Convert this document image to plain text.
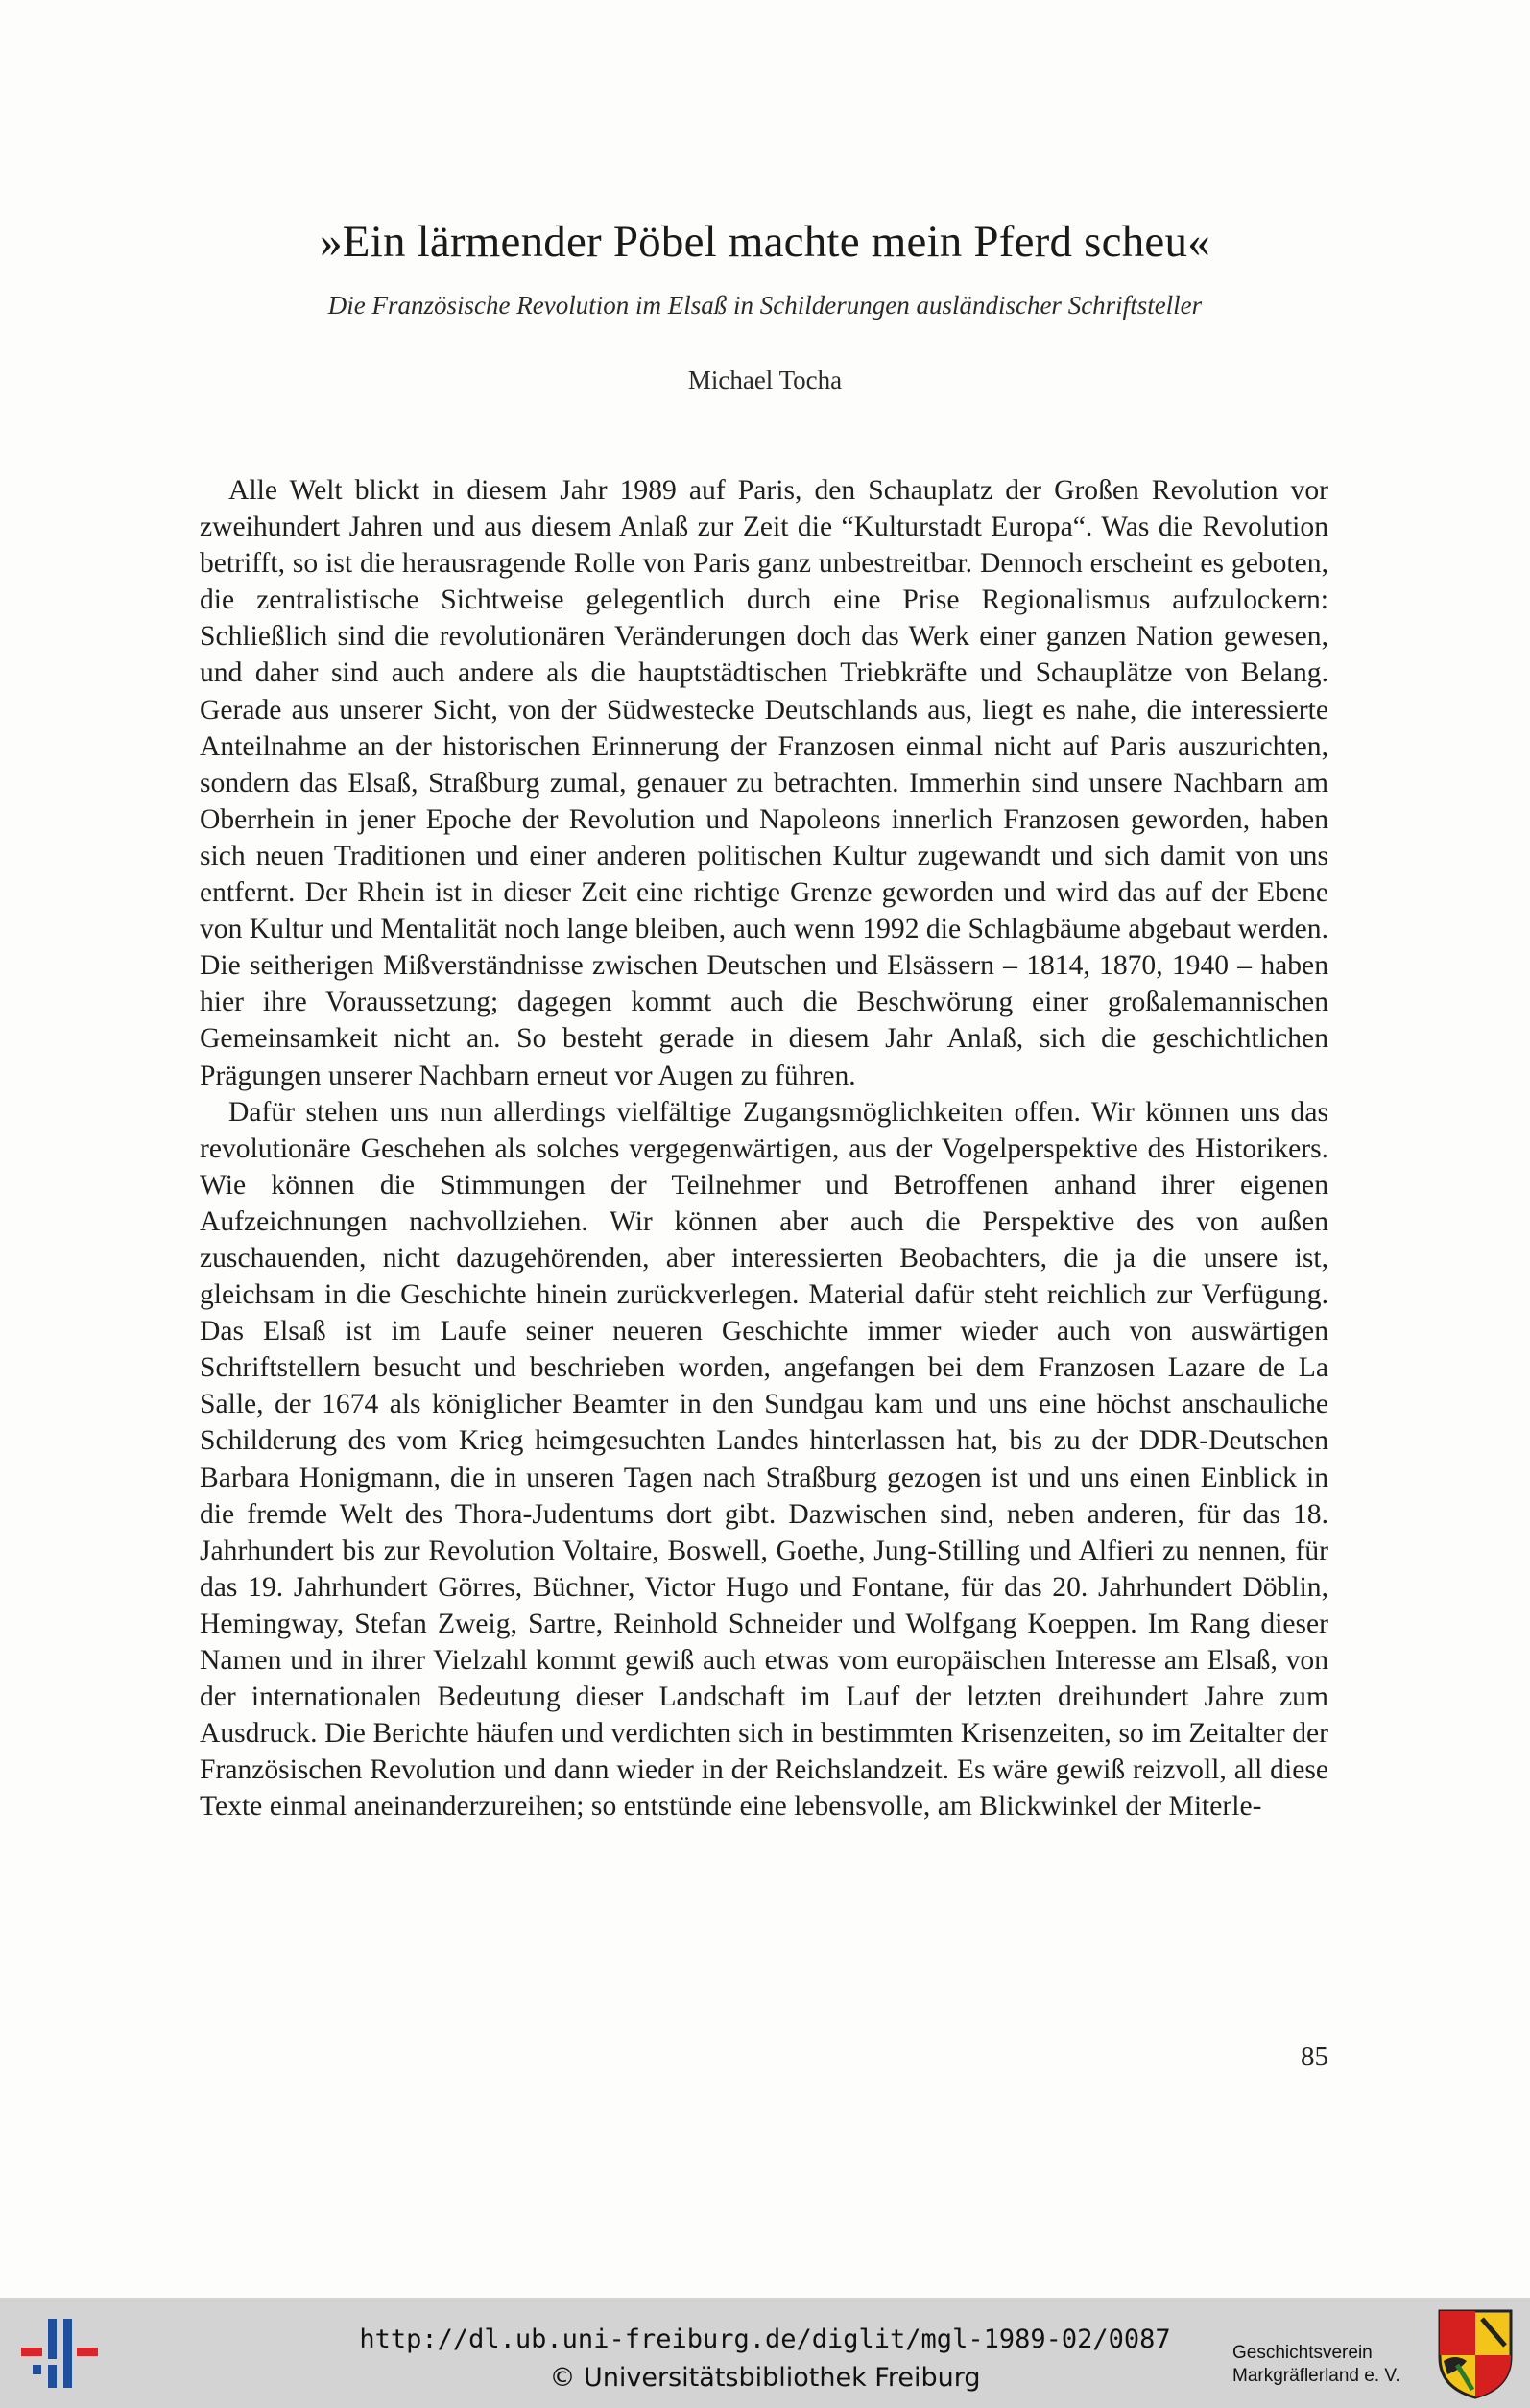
»Ein lärmender Pöbel machte mein Pferd scheu«
Die Französische Revolution im Elsaß in Schilderungen ausländischer Schriftsteller
Michael Tocha

Alle Welt blickt in diesem Jahr 1989 auf Paris, den Schauplatz der Großen Revolution vor zweihundert Jahren und aus diesem Anlaß zur Zeit die “Kulturstadt Europa“. Was die Revolution betrifft, so ist die herausragende Rolle von Paris ganz unbestreitbar. Dennoch erscheint es geboten, die zentralistische Sichtweise gelegentlich durch eine Prise Regionalismus aufzulockern: Schließlich sind die revolutionären Veränderungen doch das Werk einer ganzen Nation gewesen, und daher sind auch andere als die hauptstädtischen Triebkräfte und Schauplätze von Belang. Gerade aus unserer Sicht, von der Südwestecke Deutschlands aus, liegt es nahe, die interessierte Anteilnahme an der historischen Erinnerung der Franzosen einmal nicht auf Paris auszurichten, sondern das Elsaß, Straßburg zumal, genauer zu betrachten. Immerhin sind unsere Nachbarn am Oberrhein in jener Epoche der Revolution und Napoleons innerlich Franzosen geworden, haben sich neuen Traditionen und einer anderen politischen Kultur zugewandt und sich damit von uns entfernt. Der Rhein ist in dieser Zeit eine richtige Grenze geworden und wird das auf der Ebene von Kultur und Mentalität noch lange bleiben, auch wenn 1992 die Schlagbäume abgebaut werden. Die seitherigen Mißverständnisse zwischen Deutschen und Elsässern – 1814, 1870, 1940 – haben hier ihre Voraussetzung; dagegen kommt auch die Beschwörung einer großalemannischen Gemeinsamkeit nicht an. So besteht gerade in diesem Jahr Anlaß, sich die geschichtlichen Prägungen unserer Nachbarn erneut vor Augen zu führen.

Dafür stehen uns nun allerdings vielfältige Zugangsmöglichkeiten offen. Wir können uns das revolutionäre Geschehen als solches vergegenwärtigen, aus der Vogelperspektive des Historikers. Wie können die Stimmungen der Teilnehmer und Betroffenen anhand ihrer eigenen Aufzeichnungen nachvollziehen. Wir können aber auch die Perspektive des von außen zuschauenden, nicht dazugehörenden, aber interessierten Beobachters, die ja die unsere ist, gleichsam in die Geschichte hinein zurückverlegen. Material dafür steht reichlich zur Verfügung. Das Elsaß ist im Laufe seiner neueren Geschichte immer wieder auch von auswärtigen Schriftstellern besucht und beschrieben worden, angefangen bei dem Franzosen Lazare de La Salle, der 1674 als königlicher Beamter in den Sundgau kam und uns eine höchst anschauliche Schilderung des vom Krieg heimgesuchten Landes hinterlassen hat, bis zu der DDR-Deutschen Barbara Honigmann, die in unseren Tagen nach Straßburg gezogen ist und uns einen Einblick in die fremde Welt des Thora-Judentums dort gibt. Dazwischen sind, neben anderen, für das 18. Jahrhundert bis zur Revolution Voltaire, Boswell, Goethe, Jung-Stilling und Alfieri zu nennen, für das 19. Jahrhundert Görres, Büchner, Victor Hugo und Fontane, für das 20. Jahrhundert Döblin, Hemingway, Stefan Zweig, Sartre, Reinhold Schneider und Wolfgang Koeppen. Im Rang dieser Namen und in ihrer Vielzahl kommt gewiß auch etwas vom europäischen Interesse am Elsaß, von der internationalen Bedeutung dieser Landschaft im Lauf der letzten dreihundert Jahre zum Ausdruck. Die Berichte häufen und verdichten sich in bestimmten Krisenzeiten, so im Zeitalter der Französischen Revolution und dann wieder in der Reichslandzeit. Es wäre gewiß reizvoll, all diese Texte einmal aneinanderzureihen; so entstünde eine lebensvolle, am Blickwinkel der Miterle-

85
http://dl.ub.uni-freiburg.de/diglit/mgl-1989-02/0087
© Universitätsbibliothek Freiburg
Geschichtsverein
Markgräflerland e. V.
